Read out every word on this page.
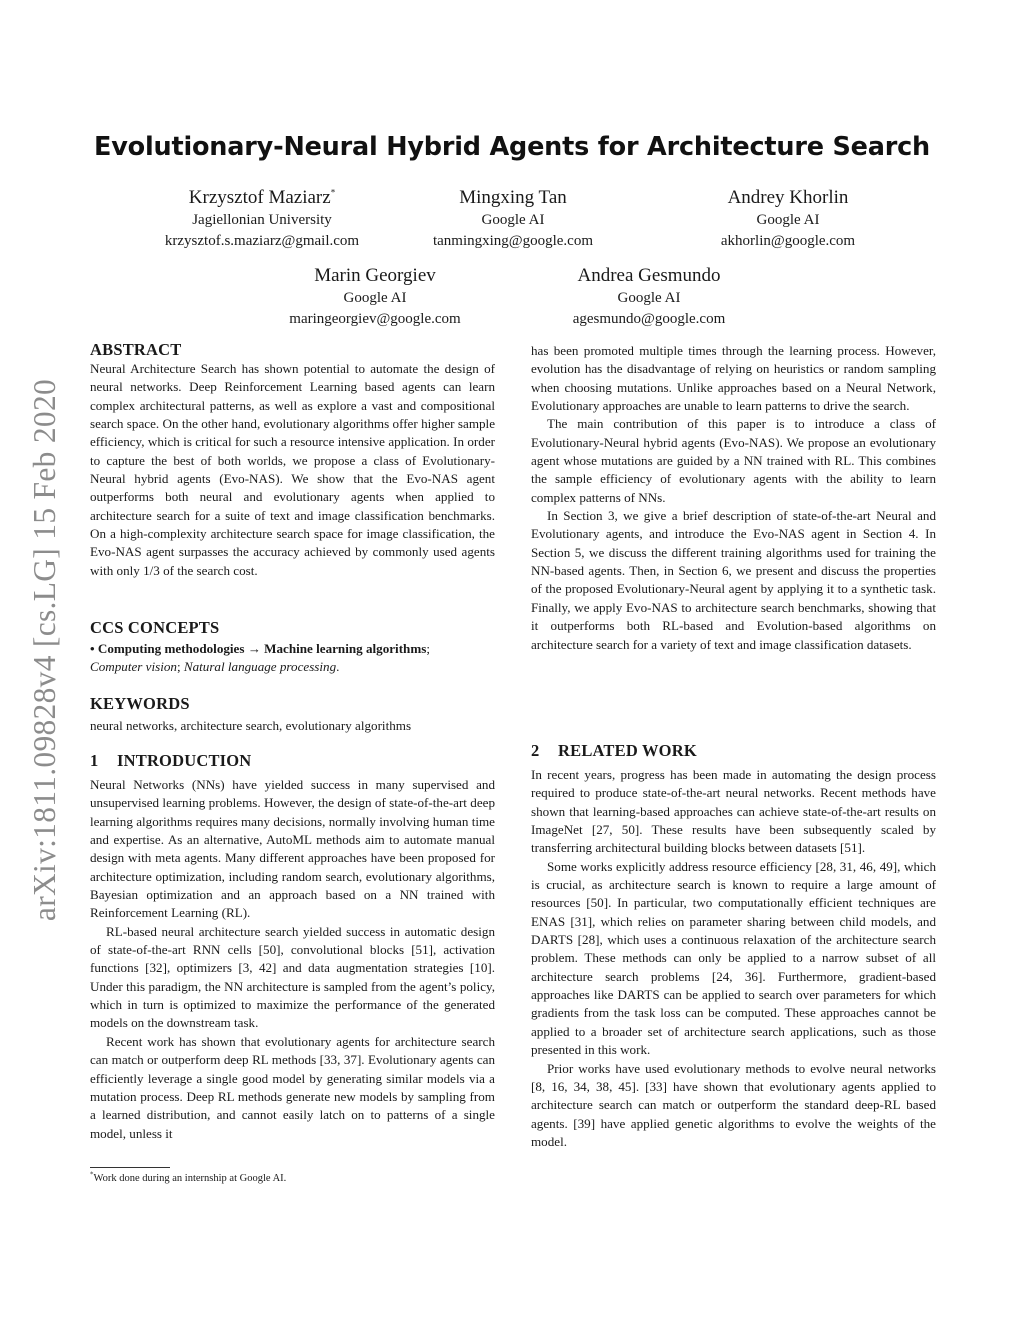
arXiv:1811.09828v4 [cs.LG] 15 Feb 2020
Evolutionary-Neural Hybrid Agents for Architecture Search
Krzysztof Maziarz*
Jagiellonian University
krzysztof.s.maziarz@gmail.com
Mingxing Tan
Google AI
tanmingxing@google.com
Andrey Khorlin
Google AI
akhorlin@google.com
Marin Georgiev
Google AI
maringeorgiev@google.com
Andrea Gesmundo
Google AI
agesmundo@google.com
ABSTRACT

Neural Architecture Search has shown potential to automate the design of neural networks. Deep Reinforcement Learning based agents can learn complex architectural patterns, as well as explore a vast and compositional search space. On the other hand, evolutionary algorithms offer higher sample efficiency, which is critical for such a resource intensive application. In order to capture the best of both worlds, we propose a class of Evolutionary-Neural hybrid agents (Evo-NAS). We show that the Evo-NAS agent outperforms both neural and evolutionary agents when applied to architecture search for a suite of text and image classification benchmarks. On a high-complexity architecture search space for image classification, the Evo-NAS agent surpasses the accuracy achieved by commonly used agents with only 1/3 of the search cost.

CCS CONCEPTS

• Computing methodologies → Machine learning algorithms;
Computer vision; Natural language processing.

KEYWORDS

neural networks, architecture search, evolutionary algorithms

1 INTRODUCTION

Neural Networks (NNs) have yielded success in many supervised and unsupervised learning problems. However, the design of state-of-the-art deep learning algorithms requires many decisions, normally involving human time and expertise. As an alternative, AutoML methods aim to automate manual design with meta agents. Many different approaches have been proposed for architecture optimization, including random search, evolutionary algorithms, Bayesian optimization and an approach based on a NN trained with Reinforcement Learning (RL).

RL-based neural architecture search yielded success in automatic design of state-of-the-art RNN cells [50], convolutional blocks [51], activation functions [32], optimizers [3, 42] and data augmentation strategies [10]. Under this paradigm, the NN architecture is sampled from the agent’s policy, which in turn is optimized to maximize the performance of the generated models on the downstream task.

Recent work has shown that evolutionary agents for architecture search can match or outperform deep RL methods [33, 37]. Evolutionary agents can efficiently leverage a single good model by generating similar models via a mutation process. Deep RL methods generate new models by sampling from a learned distribution, and cannot easily latch on to patterns of a single model, unless it

*Work done during an internship at Google AI.

has been promoted multiple times through the learning process. However, evolution has the disadvantage of relying on heuristics or random sampling when choosing mutations. Unlike approaches based on a Neural Network, Evolutionary approaches are unable to learn patterns to drive the search.

The main contribution of this paper is to introduce a class of Evolutionary-Neural hybrid agents (Evo-NAS). We propose an evolutionary agent whose mutations are guided by a NN trained with RL. This combines the sample efficiency of evolutionary agents with the ability to learn complex patterns of NNs.

In Section 3, we give a brief description of state-of-the-art Neural and Evolutionary agents, and introduce the Evo-NAS agent in Section 4. In Section 5, we discuss the different training algorithms used for training the NN-based agents. Then, in Section 6, we present and discuss the properties of the proposed Evolutionary-Neural agent by applying it to a synthetic task. Finally, we apply Evo-NAS to architecture search benchmarks, showing that it outperforms both RL-based and Evolution-based algorithms on architecture search for a variety of text and image classification datasets.

2 RELATED WORK

In recent years, progress has been made in automating the design process required to produce state-of-the-art neural networks. Recent methods have shown that learning-based approaches can achieve state-of-the-art results on ImageNet [27, 50]. These results have been subsequently scaled by transferring architectural building blocks between datasets [51].

Some works explicitly address resource efficiency [28, 31, 46, 49], which is crucial, as architecture search is known to require a large amount of resources [50]. In particular, two computationally efficient techniques are ENAS [31], which relies on parameter sharing between child models, and DARTS [28], which uses a continuous relaxation of the architecture search problem. These methods can only be applied to a narrow subset of all architecture search problems [24, 36]. Furthermore, gradient-based approaches like DARTS can be applied to search over parameters for which gradients from the task loss can be computed. These approaches cannot be applied to a broader set of architecture search applications, such as those presented in this work.

Prior works have used evolutionary methods to evolve neural networks [8, 16, 34, 38, 45]. [33] have shown that evolutionary agents applied to architecture search can match or outperform the standard deep-RL based agents. [39] have applied genetic algorithms to evolve the weights of the model.
